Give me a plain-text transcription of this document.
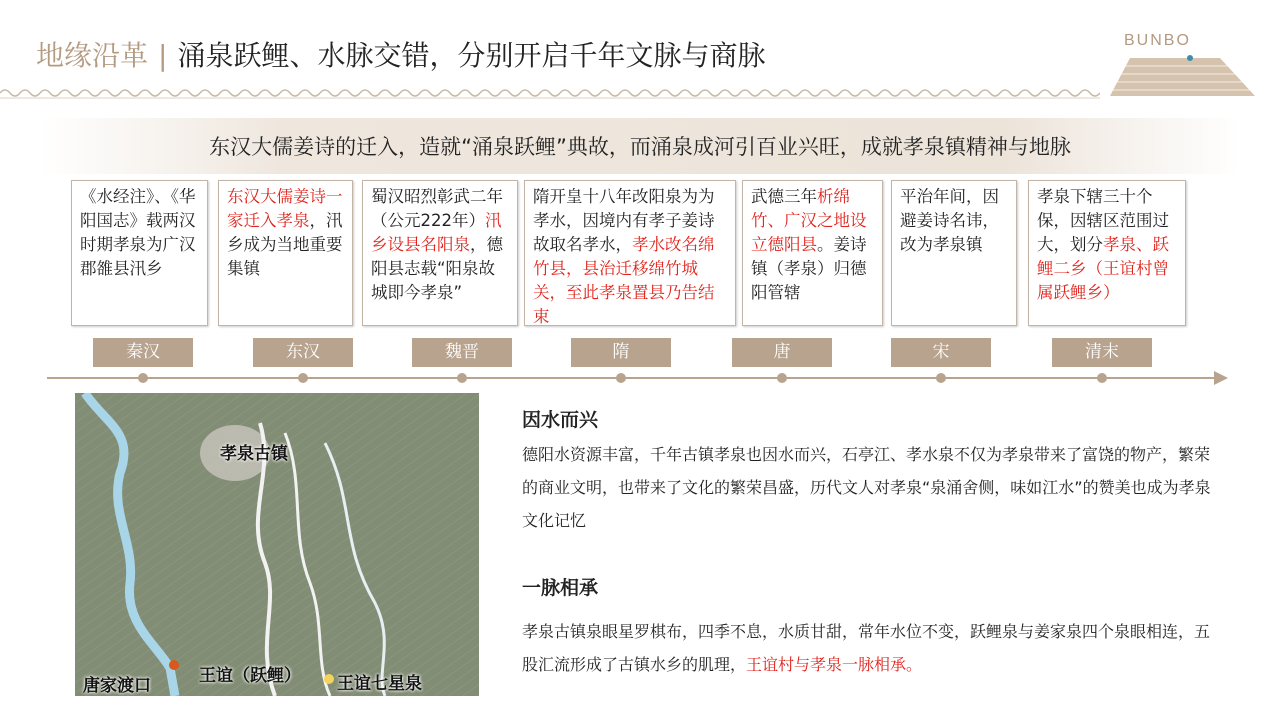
地缘沿革 | 涌泉跃鲤、水脉交错，分别开启千年文脉与商脉	BUNBO
东汉大儒姜诗的迁入，造就“涌泉跃鲤”典故，而涌泉成河引百业兴旺，成就孝泉镇精神与地脉
《水经注》、《华阳国志》载两汉时期孝泉为广汉郡雒县汛乡
秦汉
东汉大儒姜诗一家迁入孝泉，汛乡成为当地重要集镇
东汉
蜀汉昭烈彰武二年（公元222年）汛乡设县名阳泉，德阳县志载“阳泉故城即今孝泉”
魏晋
隋开皇十八年改阳泉为为孝水，因境内有孝子姜诗故取名孝水，孝水改名绵竹县，县治迁移绵竹城关，至此孝泉置县乃告结束
隋
武德三年析绵竹、广汉之地设立德阳县。姜诗镇（孝泉）归德阳管辖
唐
平治年间，因避姜诗名讳，改为孝泉镇
宋
孝泉下辖三十个保，因辖区范围过大，划分孝泉、跃鲤二乡（王谊村曾属跃鲤乡）
清末
孝泉古镇
唐家渡口	王谊（跃鲤） 王谊七星泉
因水而兴
德阳水资源丰富，千年古镇孝泉也因水而兴，石亭江、孝水泉不仅为孝泉带来了富饶的物产，繁荣的商业文明，也带来了文化的繁荣昌盛，历代文人对孝泉“泉涌舍侧，味如江水”的赞美也成为孝泉文化记忆
一脉相承
孝泉古镇泉眼星罗棋布，四季不息，水质甘甜，常年水位不变，跃鲤泉与姜家泉四个泉眼相连，五股汇流形成了古镇水乡的肌理，王谊村与孝泉一脉相承。
